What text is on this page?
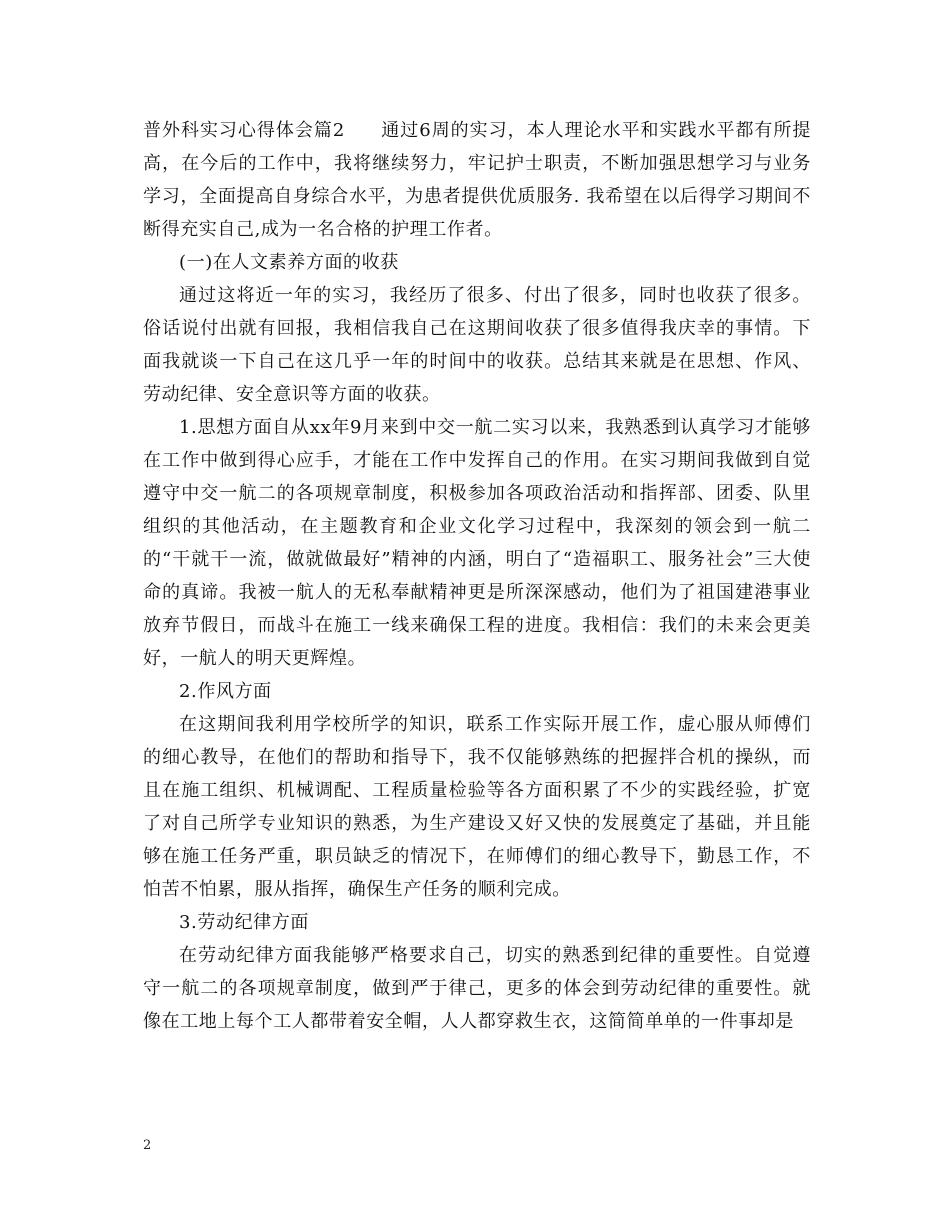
普外科实习心得体会篇2 通过6周的实习，本人理论水平和实践水平都有所提高，在今后的工作中，我将继续努力，牢记护士职责，不断加强思想学习与业务学习，全面提高自身综合水平，为患者提供优质服务. 我希望在以后得学习期间不断得充实自己,成为一名合格的护理工作者。

(一)在人文素养方面的收获

通过这将近一年的实习，我经历了很多、付出了很多，同时也收获了很多。俗话说付出就有回报，我相信我自己在这期间收获了很多值得我庆幸的事情。下面我就谈一下自己在这几乎一年的时间中的收获。总结其来就是在思想、作风、劳动纪律、安全意识等方面的收获。

1.思想方面自从xx年9月来到中交一航二实习以来，我熟悉到认真学习才能够在工作中做到得心应手，才能在工作中发挥自己的作用。在实习期间我做到自觉遵守中交一航二的各项规章制度，积极参加各项政治活动和指挥部、团委、队里组织的其他活动，在主题教育和企业文化学习过程中，我深刻的领会到一航二的“干就干一流，做就做最好”精神的内涵，明白了“造福职工、服务社会”三大使命的真谛。我被一航人的无私奉献精神更是所深深感动，他们为了祖国建港事业放弃节假日，而战斗在施工一线来确保工程的进度。我相信：我们的未来会更美好，一航人的明天更辉煌。

2.作风方面

在这期间我利用学校所学的知识，联系工作实际开展工作，虚心服从师傅们的细心教导，在他们的帮助和指导下，我不仅能够熟练的把握拌合机的操纵，而且在施工组织、机械调配、工程质量检验等各方面积累了不少的实践经验，扩宽了对自己所学专业知识的熟悉，为生产建设又好又快的发展奠定了基础，并且能够在施工任务严重，职员缺乏的情况下，在师傅们的细心教导下，勤恳工作，不怕苦不怕累，服从指挥，确保生产任务的顺利完成。

3.劳动纪律方面

在劳动纪律方面我能够严格要求自己，切实的熟悉到纪律的重要性。自觉遵守一航二的各项规章制度，做到严于律己，更多的体会到劳动纪律的重要性。就像在工地上每个工人都带着安全帽，人人都穿救生衣，这简简单单的一件事却是

2
